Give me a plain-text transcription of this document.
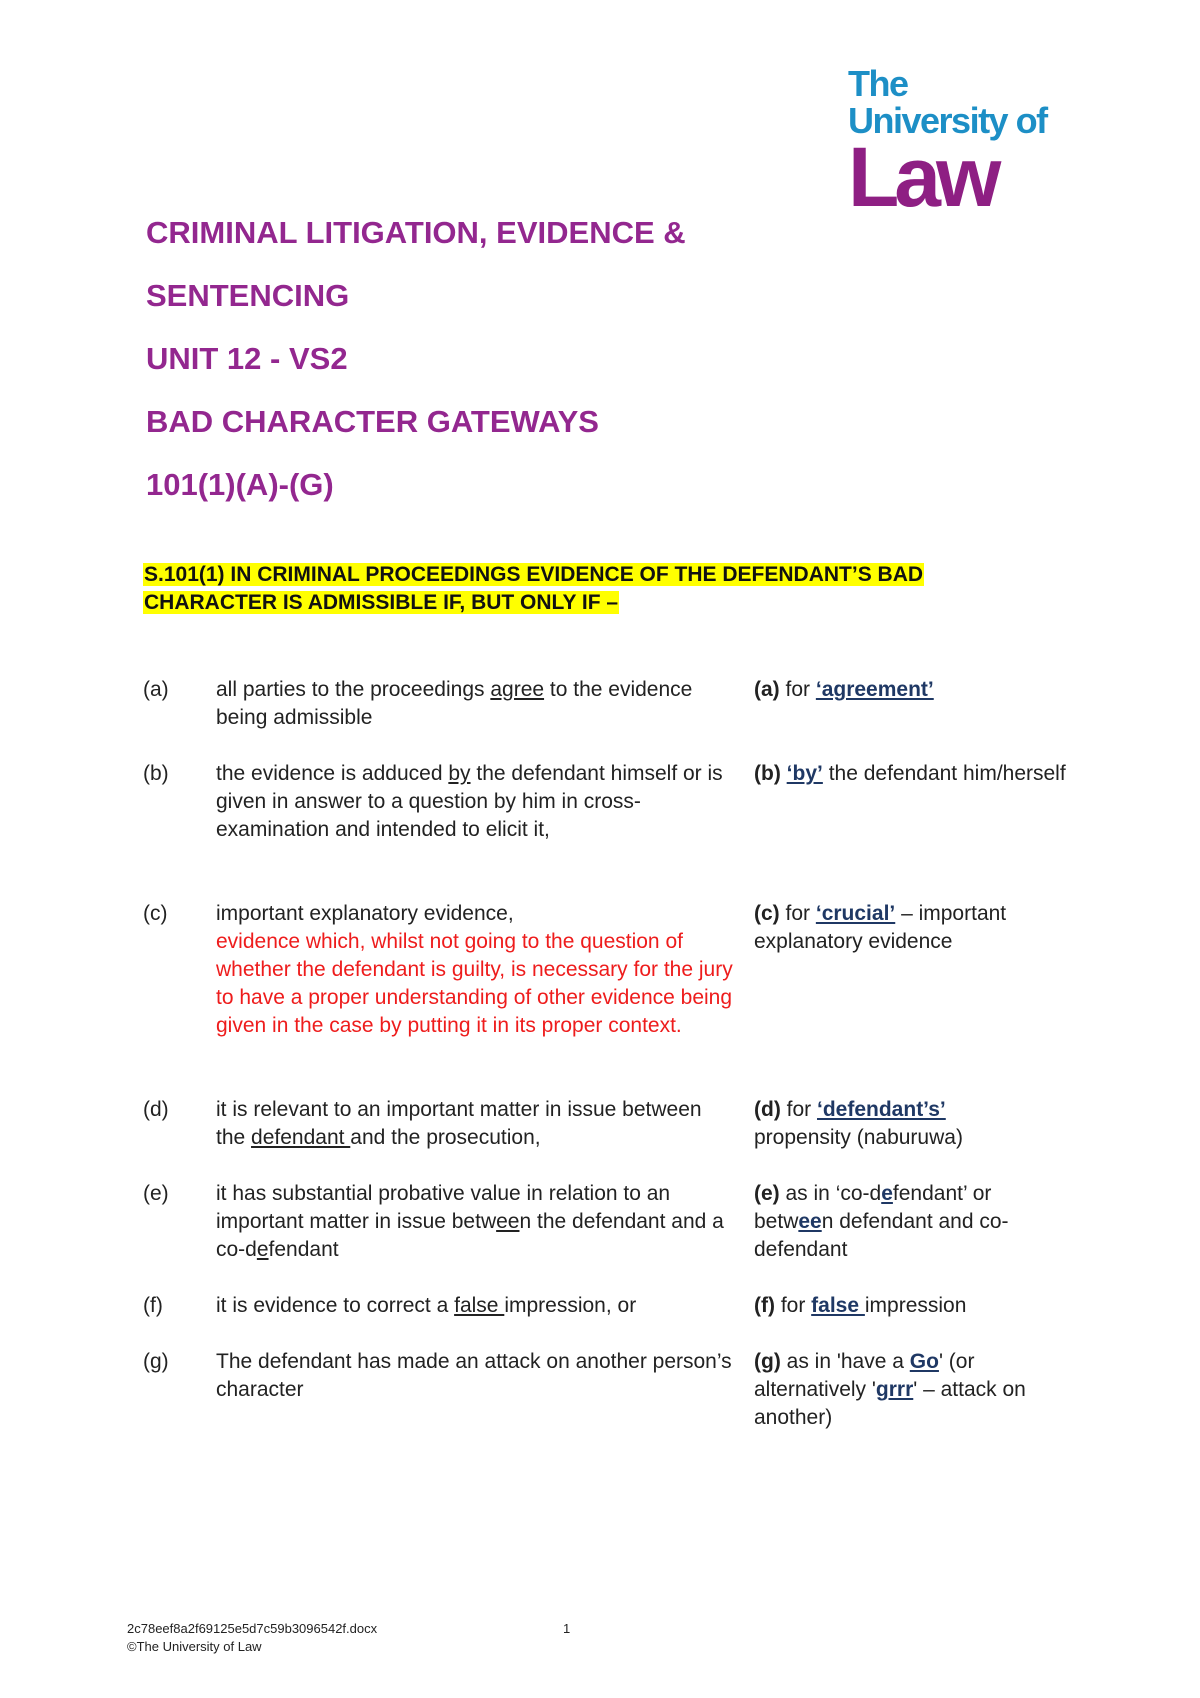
The
University of
Law
CRIMINAL LITIGATION, EVIDENCE &
SENTENCING
UNIT 12 - VS2
BAD CHARACTER GATEWAYS
101(1)(A)-(G)
S.101(1) IN CRIMINAL PROCEEDINGS EVIDENCE OF THE DEFENDANT’S BAD
CHARACTER IS ADMISSIBLE IF, BUT ONLY IF –
(a) all parties to the proceedings agree to the evidence being admissible
(a) for ‘agreement’
(b) the evidence is adduced by the defendant himself or is given in answer to a question by him in cross-examination and intended to elicit it,
(b) ‘by’ the defendant him/herself
(c) important explanatory evidence,
evidence which, whilst not going to the question of whether the defendant is guilty, is necessary for the jury to have a proper understanding of other evidence being given in the case by putting it in its proper context.
(c) for ‘crucial’ – important explanatory evidence
(d) it is relevant to an important matter in issue between the defendant and the prosecution,
(d) for ‘defendant’s’
propensity (naburuwa)
(e) it has substantial probative value in relation to an important matter in issue between the defendant and a co-defendant
(e) as in ‘co-defendant’ or between defendant and co-defendant
(f)	it is evidence to correct a false impression, or	(f) for false impression
(g) The defendant has made an attack on another person’s character
(g) as in 'have a Go' (or alternatively 'grrr' – attack on another)
2c78eef8a2f69125e5d7c59b3096542f.docx
©The University of Law
1
